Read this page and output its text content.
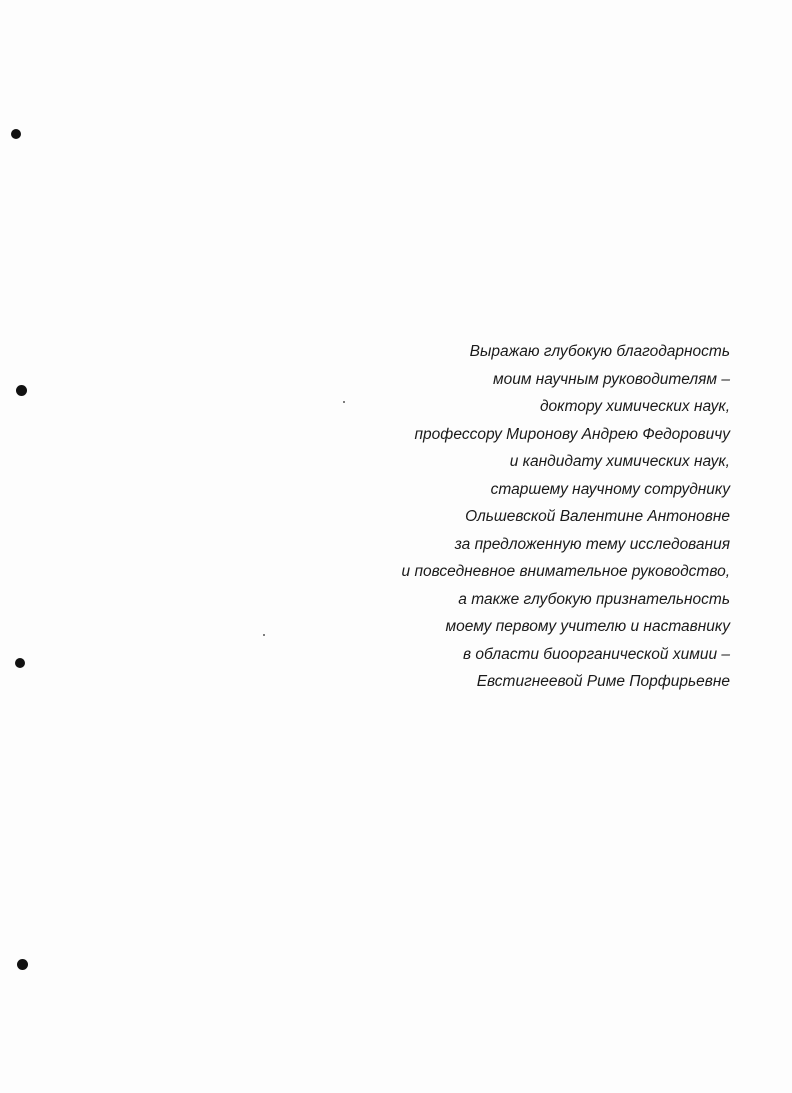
Выражаю глубокую благодарность
моим научным руководителям –
доктору химических наук,
профессору Миронову Андрею Федоровичу
и кандидату химических наук,
старшему научному сотруднику
Ольшевской Валентине Антоновне
за предложенную тему исследования
и повседневное внимательное руководство,
а также глубокую признательность
моему первому учителю и наставнику
в области биоорганической химии –
Евстигнеевой Риме Порфирьевне
